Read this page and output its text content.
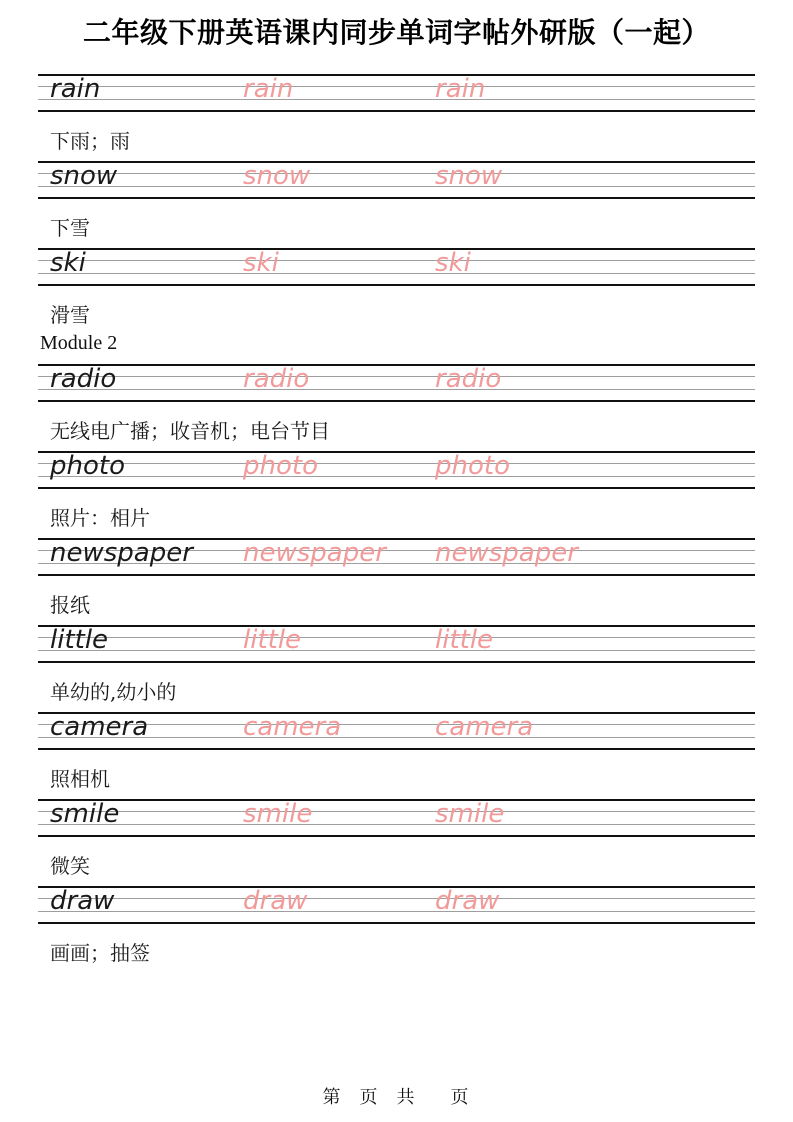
二年级下册英语课内同步单词字帖外研版（一起）
rain	rain	rain

下雨；雨

snow	snow	snow

下雪

ski	ski	ski

滑雪

Module 2
radio	radio	radio

无线电广播；收音机；电台节目

photo	photo	photo

照片：相片

newspaper newspaper newspaper

报纸

little	little	little

单幼的,幼小的

camera	camera	camera

照相机

smile	smile	smile

微笑

draw	draw	draw

画画；抽签

第 页 共  页
